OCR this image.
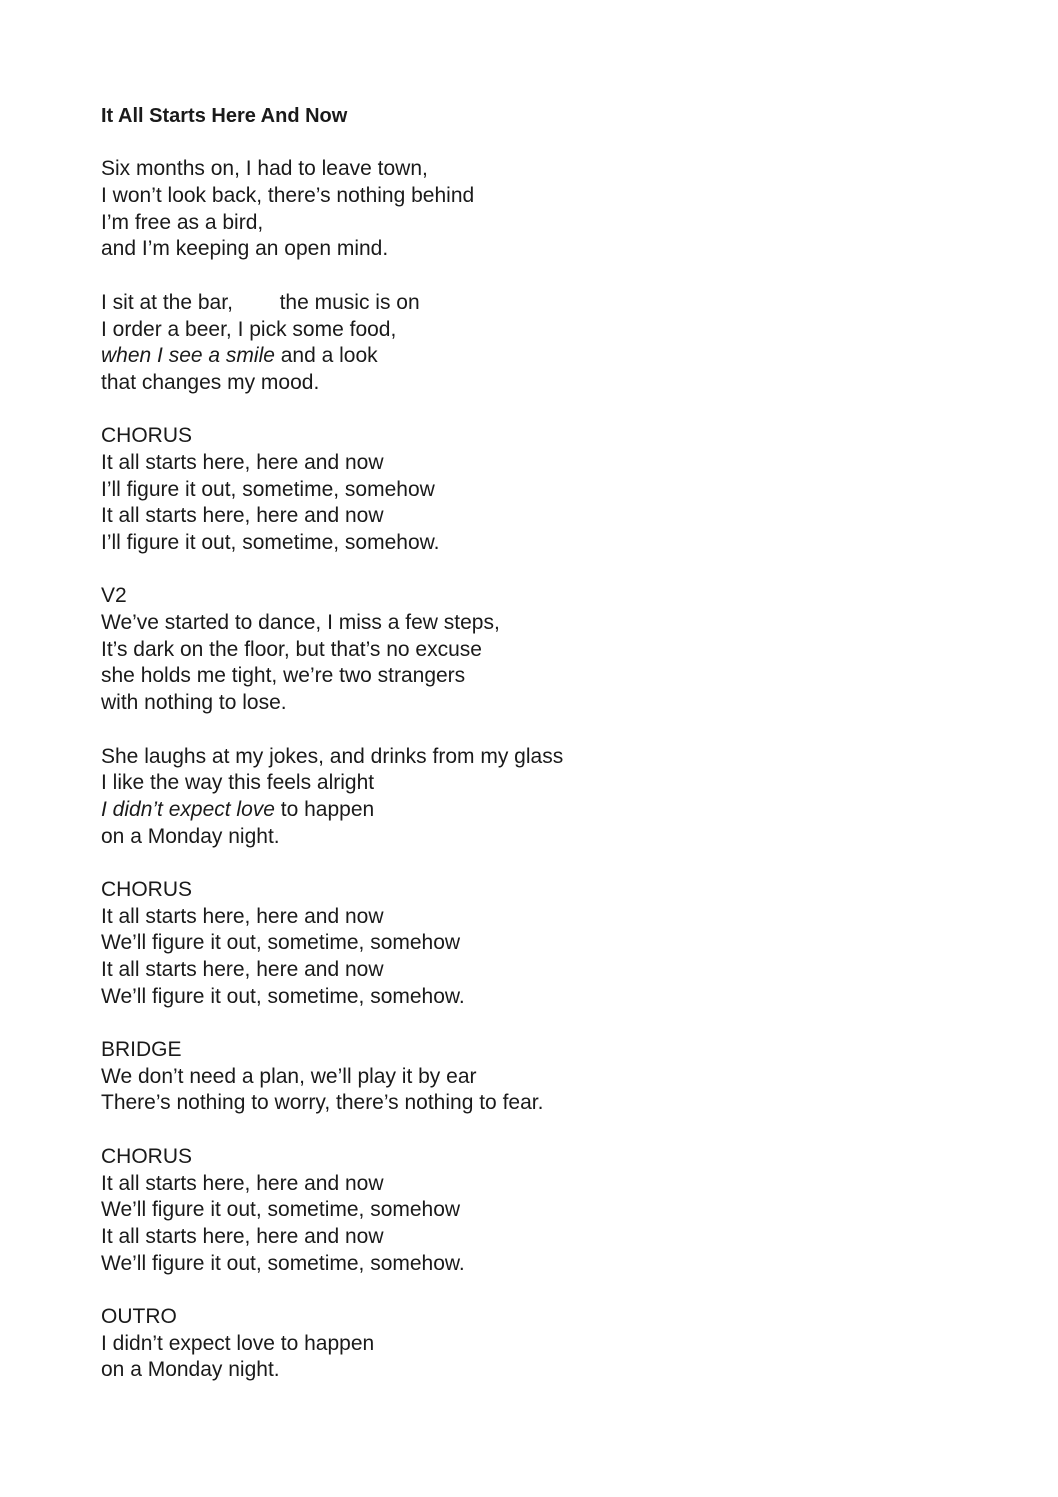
It All Starts Here And Now
Six months on, I had to leave town,
I won’t look back, there’s nothing behind
I’m free as a bird,
and I’m keeping an open mind.
I sit at the bar,        the music is on
I order a beer, I pick some food,
when I see a smile and a look
that changes my mood.
CHORUS
It all starts here, here and now
I’ll figure it out, sometime, somehow
It all starts here, here and now
I’ll figure it out, sometime, somehow.
V2
We’ve started to dance, I miss a few steps,
It’s dark on the floor, but that’s no excuse
she holds me tight, we’re two strangers
with nothing to lose.
She laughs at my jokes, and drinks from my glass
I like the way this feels alright
I didn’t expect love to happen
on a Monday night.
CHORUS
It all starts here, here and now
We’ll figure it out, sometime, somehow
It all starts here, here and now
We’ll figure it out, sometime, somehow.
BRIDGE
We don’t need a plan, we’ll play it by ear
There’s nothing to worry, there’s nothing to fear.
CHORUS
It all starts here, here and now
We’ll figure it out, sometime, somehow
It all starts here, here and now
We’ll figure it out, sometime, somehow.
OUTRO
I didn’t expect love to happen
on a Monday night.
